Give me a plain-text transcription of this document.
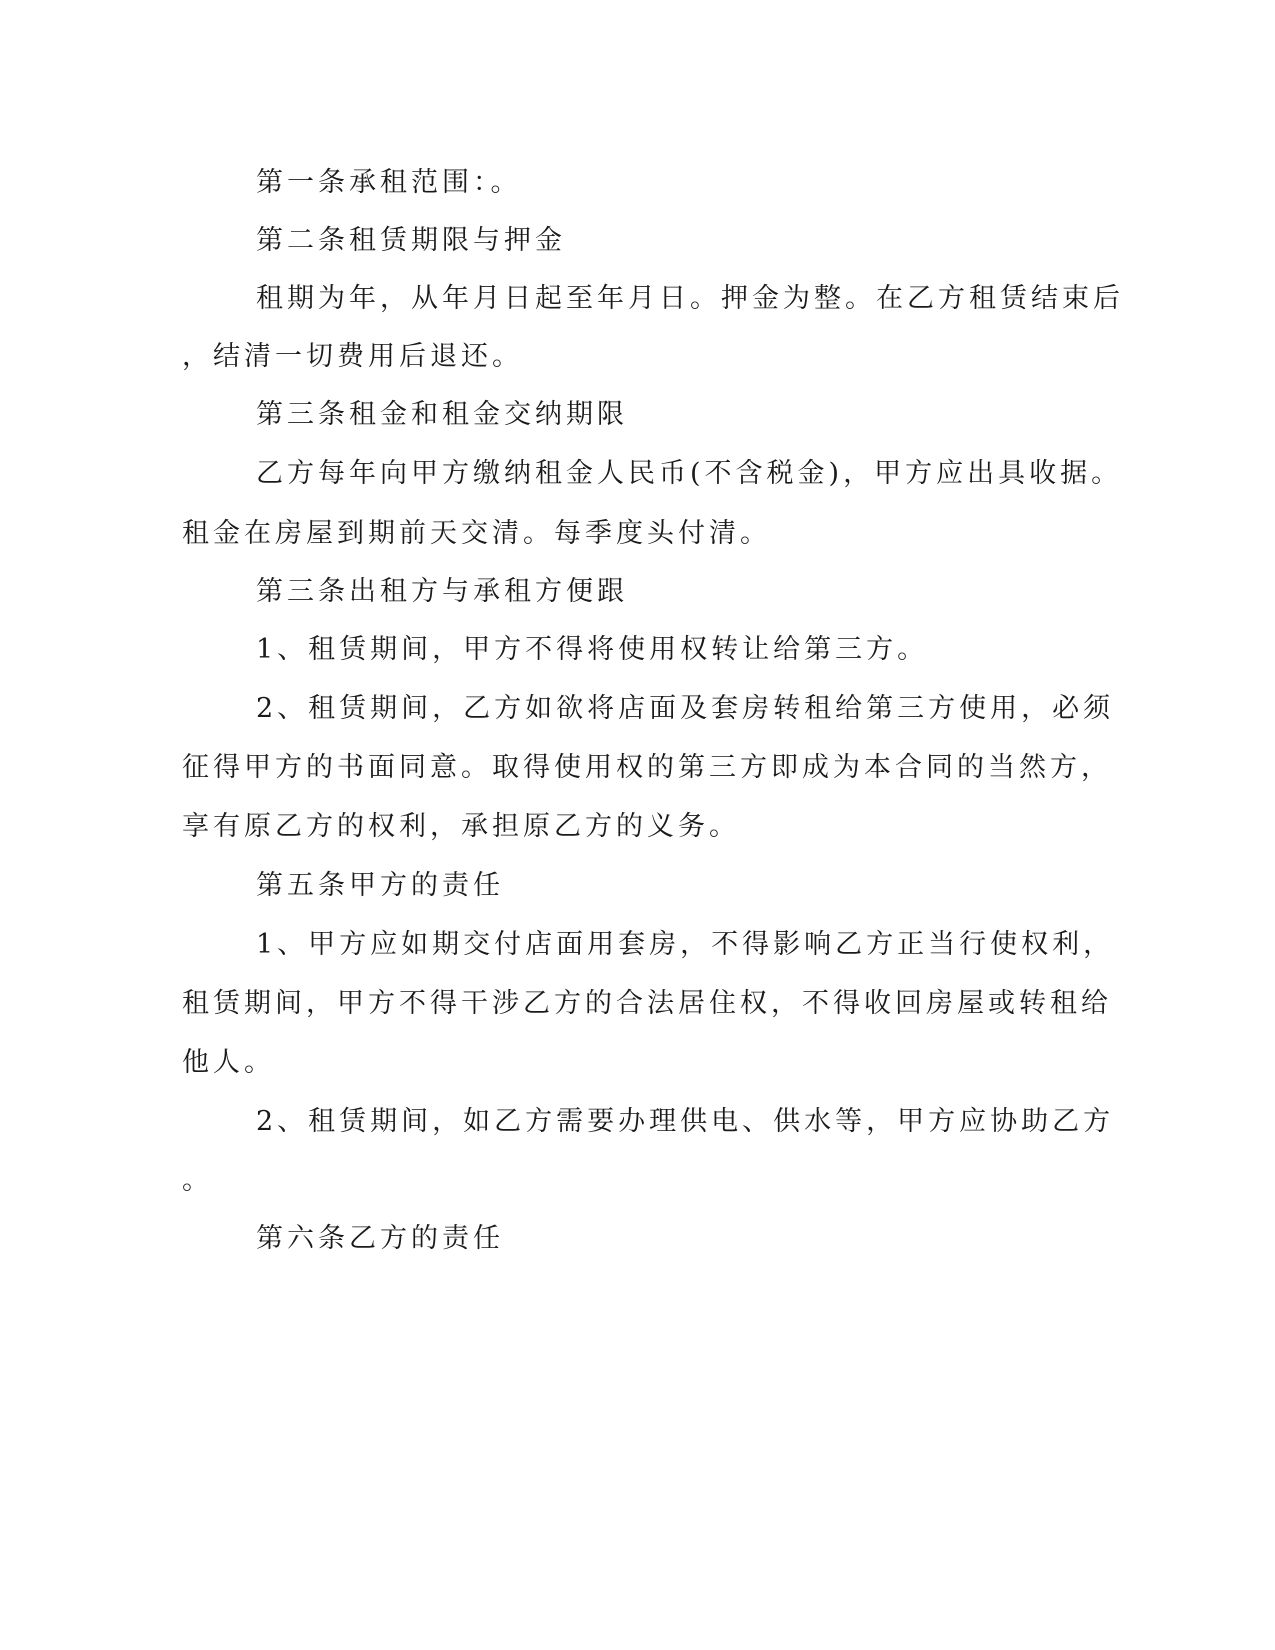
第一条承租范围：。
第二条租赁期限与押金
租期为年，从年月日起至年月日。押金为整。在乙方租赁结束后
，结清一切费用后退还。
第三条租金和租金交纳期限
乙方每年向甲方缴纳租金人民币(不含税金)，甲方应出具收据。
租金在房屋到期前天交清。每季度头付清。
第三条出租方与承租方便跟
1、租赁期间，甲方不得将使用权转让给第三方。
2、租赁期间，乙方如欲将店面及套房转租给第三方使用，必须
征得甲方的书面同意。取得使用权的第三方即成为本合同的当然方，
享有原乙方的权利，承担原乙方的义务。
第五条甲方的责任
1、甲方应如期交付店面用套房，不得影响乙方正当行使权利，
租赁期间，甲方不得干涉乙方的合法居住权，不得收回房屋或转租给
他人。
2、租赁期间，如乙方需要办理供电、供水等，甲方应协助乙方
。
第六条乙方的责任
